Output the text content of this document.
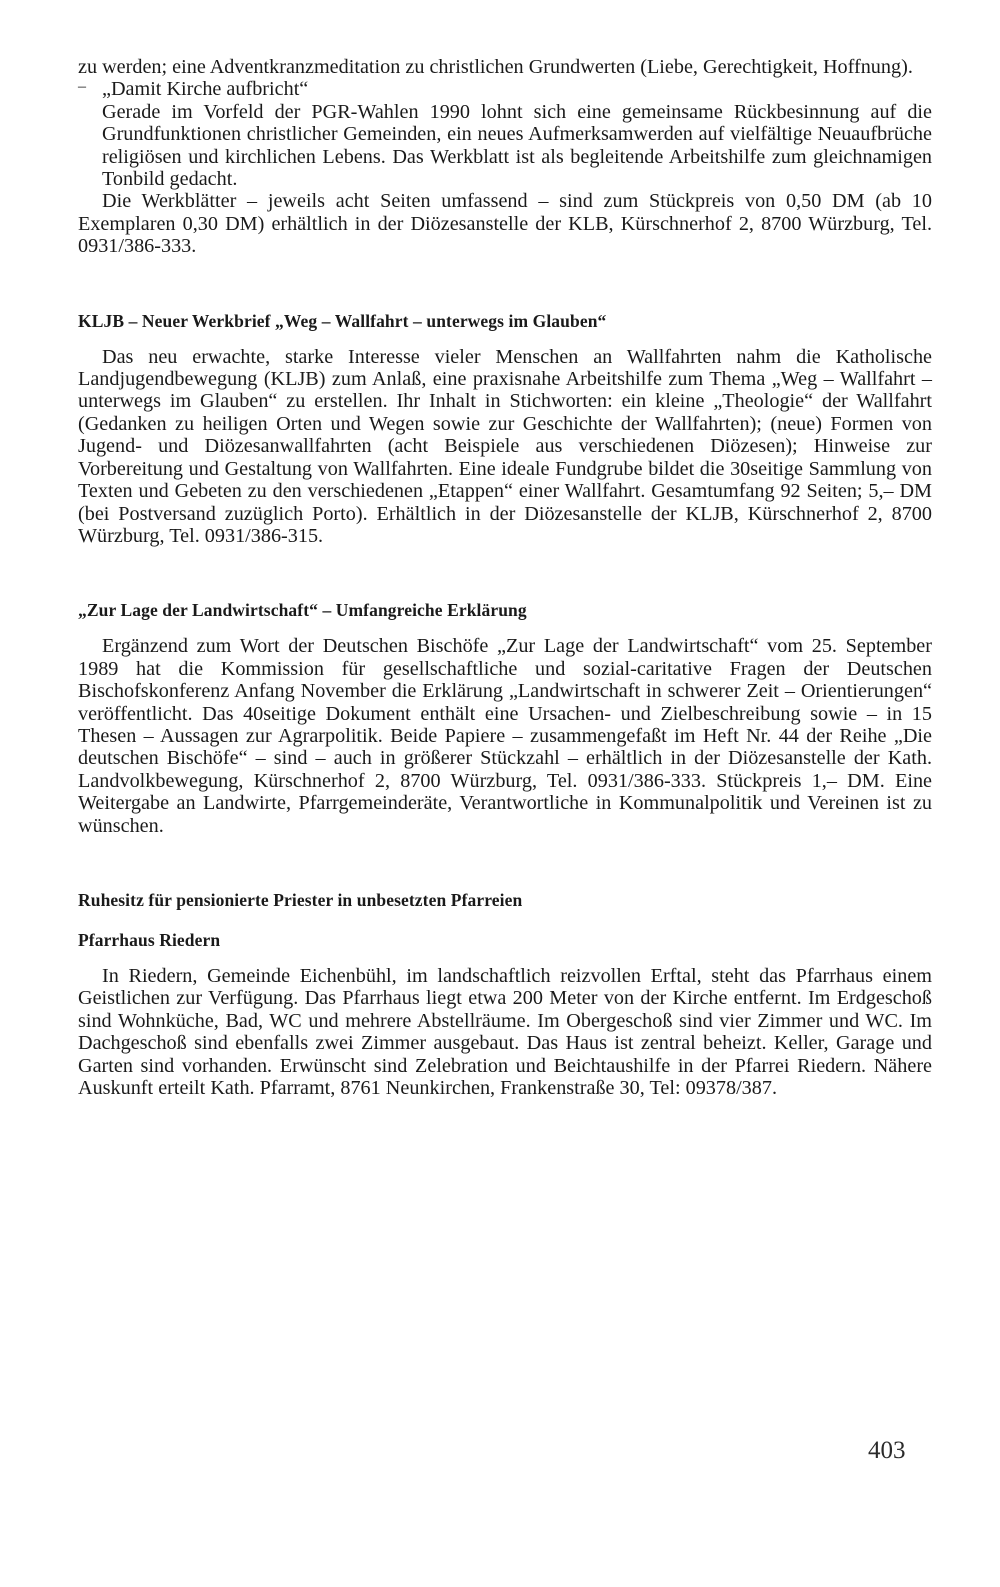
zu werden; eine Adventkranzmeditation zu christlichen Grundwerten (Liebe, Gerechtigkeit, Hoffnung).

– „Damit Kirche aufbricht“

Gerade im Vorfeld der PGR-Wahlen 1990 lohnt sich eine gemeinsame Rückbesinnung auf die Grundfunktionen christlicher Gemeinden, ein neues Aufmerksamwerden auf vielfältige Neuaufbrüche religiösen und kirchlichen Lebens. Das Werkblatt ist als begleitende Arbeitshilfe zum gleichnamigen Tonbild gedacht.

Die Werkblätter – jeweils acht Seiten umfassend – sind zum Stückpreis von 0,50 DM (ab 10 Exemplaren 0,30 DM) erhältlich in der Diözesanstelle der KLB, Kürschnerhof 2, 8700 Würzburg, Tel. 0931/386-333.

KLJB – Neuer Werkbrief „Weg – Wallfahrt – unterwegs im Glauben“

Das neu erwachte, starke Interesse vieler Menschen an Wallfahrten nahm die Katholische Landjugendbewegung (KLJB) zum Anlaß, eine praxisnahe Arbeitshilfe zum Thema „Weg – Wallfahrt – unterwegs im Glauben“ zu erstellen. Ihr Inhalt in Stichworten: ein kleine „Theologie“ der Wallfahrt (Gedanken zu heiligen Orten und Wegen sowie zur Geschichte der Wallfahrten); (neue) Formen von Jugend- und Diözesanwallfahrten (acht Beispiele aus verschiedenen Diözesen); Hinweise zur Vorbereitung und Gestaltung von Wallfahrten. Eine ideale Fundgrube bildet die 30seitige Sammlung von Texten und Gebeten zu den verschiedenen „Etappen“ einer Wallfahrt. Gesamtumfang 92 Seiten; 5,– DM (bei Postversand zuzüglich Porto). Erhältlich in der Diözesanstelle der KLJB, Kürschnerhof 2, 8700 Würzburg, Tel. 0931/386-315.

„Zur Lage der Landwirtschaft“ – Umfangreiche Erklärung

Ergänzend zum Wort der Deutschen Bischöfe „Zur Lage der Landwirtschaft“ vom 25. September 1989 hat die Kommission für gesellschaftliche und sozial-caritative Fragen der Deutschen Bischofskonferenz Anfang November die Erklärung „Landwirtschaft in schwerer Zeit – Orientierungen“ veröffentlicht. Das 40seitige Dokument enthält eine Ursachen- und Zielbeschreibung sowie – in 15 Thesen – Aussagen zur Agrarpolitik. Beide Papiere – zusammengefaßt im Heft Nr. 44 der Reihe „Die deutschen Bischöfe“ – sind – auch in größerer Stückzahl – erhältlich in der Diözesanstelle der Kath. Landvolkbewegung, Kürschnerhof 2, 8700 Würzburg, Tel. 0931/386-333. Stückpreis 1,– DM. Eine Weitergabe an Landwirte, Pfarrgemeinderäte, Verantwortliche in Kommunalpolitik und Vereinen ist zu wünschen.

Ruhesitz für pensionierte Priester in unbesetzten Pfarreien
Pfarrhaus Riedern

In Riedern, Gemeinde Eichenbühl, im landschaftlich reizvollen Erftal, steht das Pfarrhaus einem Geistlichen zur Verfügung. Das Pfarrhaus liegt etwa 200 Meter von der Kirche entfernt. Im Erdgeschoß sind Wohnküche, Bad, WC und mehrere Abstellräume. Im Obergeschoß sind vier Zimmer und WC. Im Dachgeschoß sind ebenfalls zwei Zimmer ausgebaut. Das Haus ist zentral beheizt. Keller, Garage und Garten sind vorhanden. Erwünscht sind Zelebration und Beichtaushilfe in der Pfarrei Riedern. Nähere Auskunft erteilt Kath. Pfarramt, 8761 Neunkirchen, Frankenstraße 30, Tel: 09378/387.

403
